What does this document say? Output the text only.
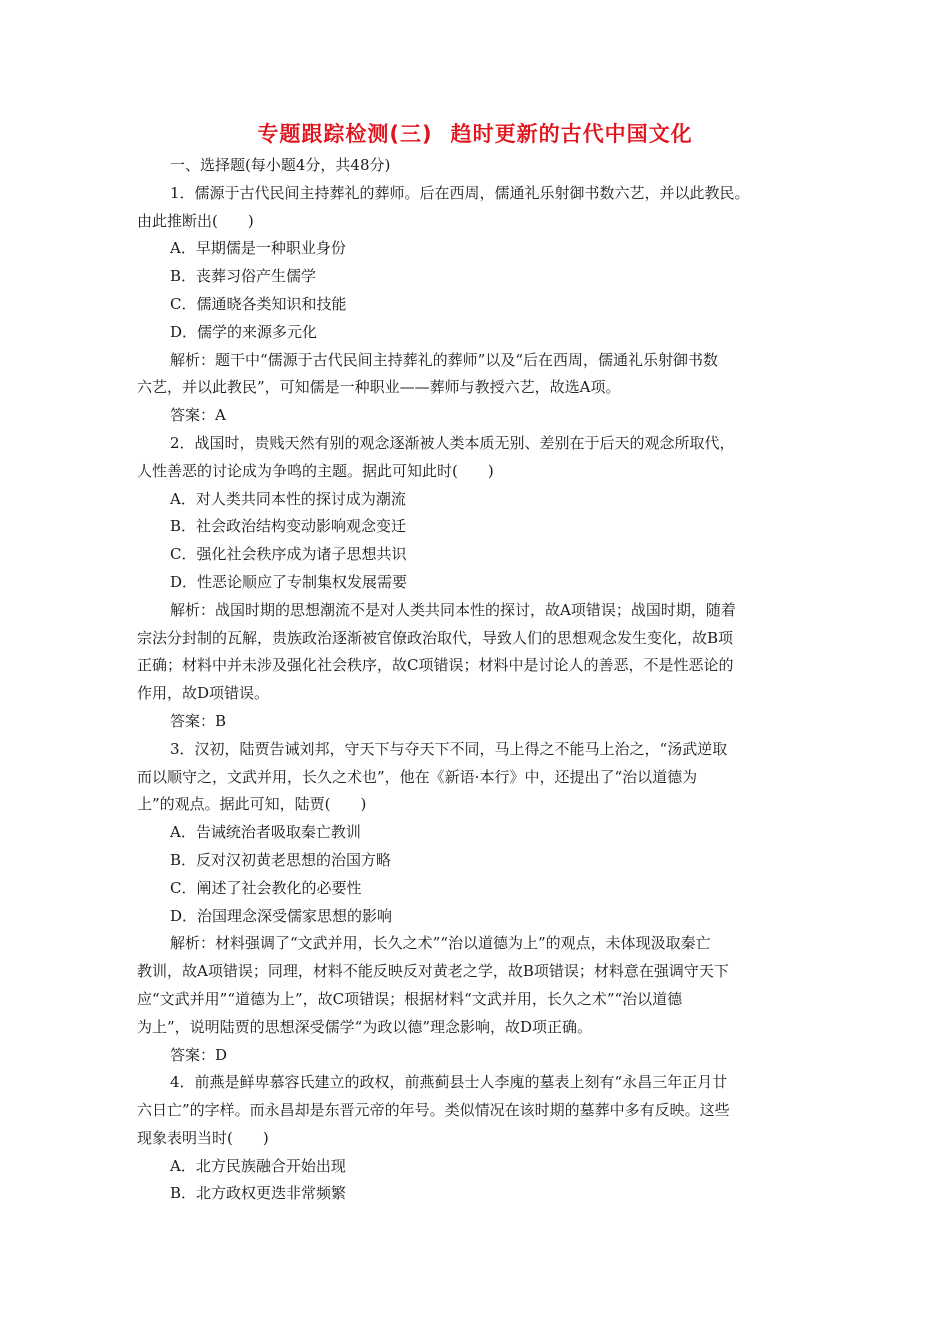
专题跟踪检测(三) 趋时更新的古代中国文化
一、选择题(每小题4分，共48分)
1．儒源于古代民间主持葬礼的葬师。后在西周，儒通礼乐射御书数六艺，并以此教民。
由此推断出(　　)
A．早期儒是一种职业身份
B．丧葬习俗产生儒学
C．儒通晓各类知识和技能
D．儒学的来源多元化
解析：题干中“儒源于古代民间主持葬礼的葬师”以及“后在西周，儒通礼乐射御书数
六艺，并以此教民”，可知儒是一种职业——葬师与教授六艺，故选A项。
答案：A
2．战国时，贵贱天然有别的观念逐渐被人类本质无别、差别在于后天的观念所取代，
人性善恶的讨论成为争鸣的主题。据此可知此时(　　)
A．对人类共同本性的探讨成为潮流
B．社会政治结构变动影响观念变迁
C．强化社会秩序成为诸子思想共识
D．性恶论顺应了专制集权发展需要
解析：战国时期的思想潮流不是对人类共同本性的探讨，故A项错误；战国时期，随着
宗法分封制的瓦解，贵族政治逐渐被官僚政治取代，导致人们的思想观念发生变化，故B项
正确；材料中并未涉及强化社会秩序，故C项错误；材料中是讨论人的善恶，不是性恶论的
作用，故D项错误。
答案：B
3．汉初，陆贾告诫刘邦，守天下与夺天下不同，马上得之不能马上治之，“汤武逆取
而以顺守之，文武并用，长久之术也”，他在《新语·本行》中，还提出了“治以道德为
上”的观点。据此可知，陆贾(　　)
A．告诫统治者吸取秦亡教训
B．反对汉初黄老思想的治国方略
C．阐述了社会教化的必要性
D．治国理念深受儒家思想的影响
解析：材料强调了“文武并用，长久之术”“治以道德为上”的观点，未体现汲取秦亡
教训，故A项错误；同理，材料不能反映反对黄老之学，故B项错误；材料意在强调守天下
应“文武并用”“道德为上”，故C项错误；根据材料“文武并用，长久之术”“治以道德
为上”，说明陆贾的思想深受儒学“为政以德”理念影响，故D项正确。
答案：D
4．前燕是鲜卑慕容氏建立的政权，前燕蓟县士人李廆的墓表上刻有“永昌三年正月廿
六日亡”的字样。而永昌却是东晋元帝的年号。类似情况在该时期的墓葬中多有反映。这些
现象表明当时(　　)
A．北方民族融合开始出现
B．北方政权更迭非常频繁
